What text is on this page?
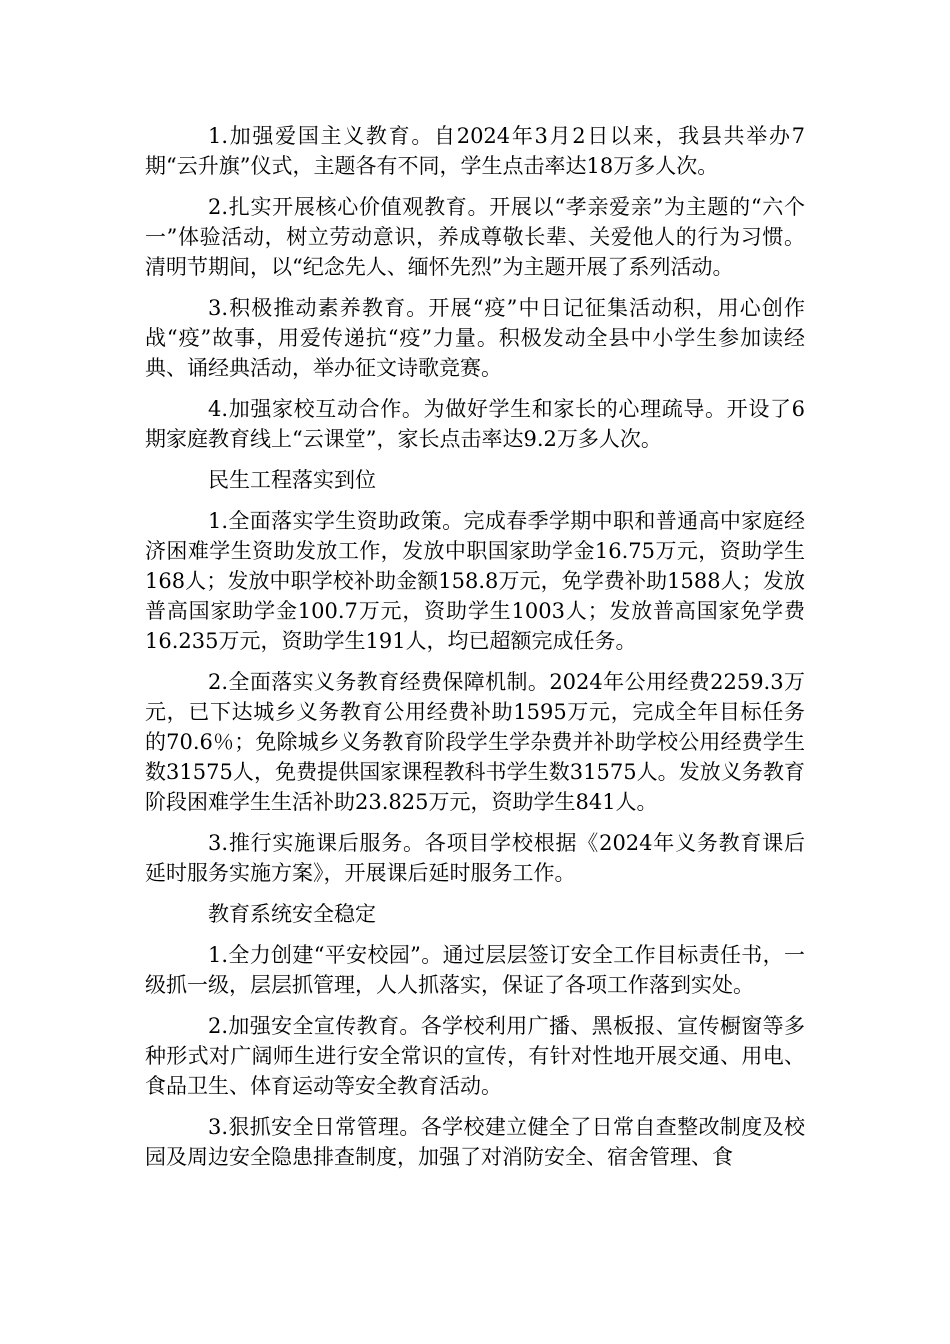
1.加强爱国主义教育。自2024年3月2日以来，我县共举办7期“云升旗”仪式，主题各有不同，学生点击率达18万多人次。

2.扎实开展核心价值观教育。开展以“孝亲爱亲”为主题的“六个一”体验活动，树立劳动意识，养成尊敬长辈、关爱他人的行为习惯。清明节期间，以“纪念先人、缅怀先烈”为主题开展了系列活动。

3.积极推动素养教育。开展“疫”中日记征集活动积，用心创作战“疫”故事，用爱传递抗“疫”力量。积极发动全县中小学生参加读经典、诵经典活动，举办征文诗歌竞赛。

4.加强家校互动合作。为做好学生和家长的心理疏导。开设了6期家庭教育线上“云课堂”，家长点击率达9.2万多人次。

民生工程落实到位

1.全面落实学生资助政策。完成春季学期中职和普通高中家庭经济困难学生资助发放工作，发放中职国家助学金16.75万元，资助学生168人；发放中职学校补助金额158.8万元，免学费补助1588人；发放普高国家助学金100.7万元，资助学生1003人；发放普高国家免学费16.235万元，资助学生191人，均已超额完成任务。

2.全面落实义务教育经费保障机制。2024年公用经费2259.3万元，已下达城乡义务教育公用经费补助1595万元，完成全年目标任务的70.6％；免除城乡义务教育阶段学生学杂费并补助学校公用经费学生数31575人，免费提供国家课程教科书学生数31575人。发放义务教育阶段困难学生生活补助23.825万元，资助学生841人。

3.推行实施课后服务。各项目学校根据《2024年义务教育课后延时服务实施方案》，开展课后延时服务工作。

教育系统安全稳定

1.全力创建“平安校园”。通过层层签订安全工作目标责任书，一级抓一级，层层抓管理，人人抓落实，保证了各项工作落到实处。

2.加强安全宣传教育。各学校利用广播、黑板报、宣传橱窗等多种形式对广阔师生进行安全常识的宣传，有针对性地开展交通、用电、食品卫生、体育运动等安全教育活动。

3.狠抓安全日常管理。各学校建立健全了日常自查整改制度及校园及周边安全隐患排查制度，加强了对消防安全、宿舍管理、食
